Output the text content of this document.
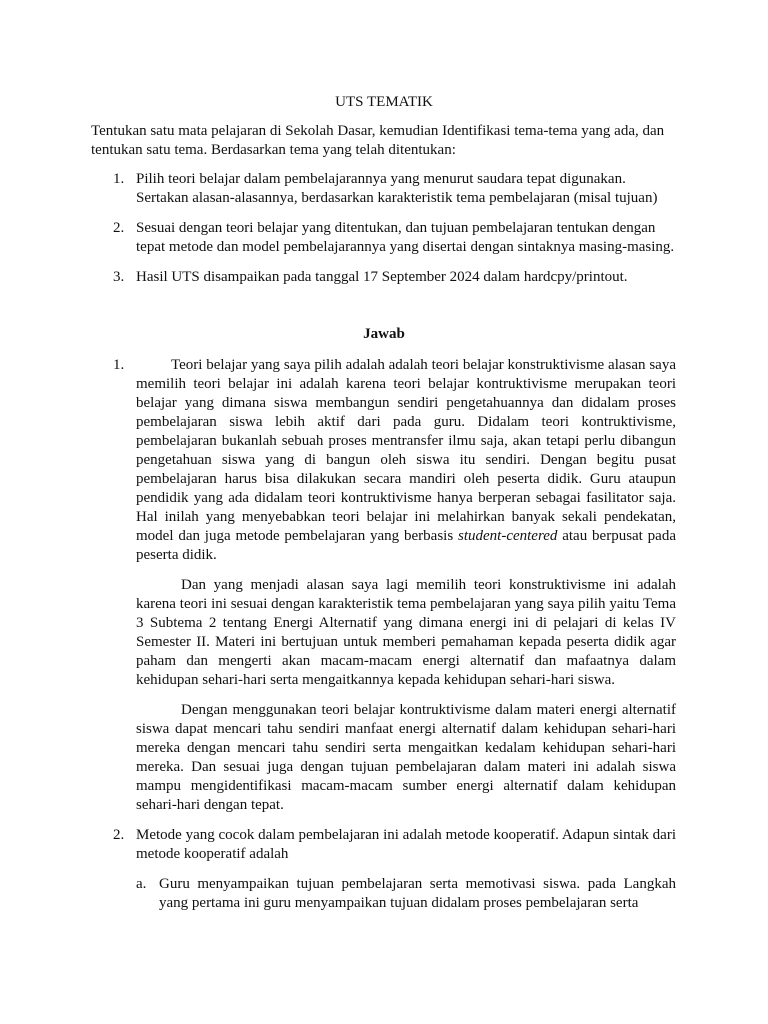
UTS TEMATIK

Tentukan satu mata pelajaran di Sekolah Dasar, kemudian Identifikasi tema-tema yang ada, dan tentukan satu tema. Berdasarkan tema yang telah ditentukan:

1. Pilih teori belajar dalam pembelajarannya yang menurut saudara tepat digunakan. Sertakan alasan-alasannya, berdasarkan karakteristik tema pembelajaran (misal tujuan)
2. Sesuai dengan teori belajar yang ditentukan, dan tujuan pembelajaran tentukan dengan tepat metode dan model pembelajarannya yang disertai dengan sintaknya masing-masing.
3. Hasil UTS disampaikan pada tanggal 17 September 2024 dalam hardcpy/printout.
Jawab
1.	Teori belajar yang saya pilih adalah adalah teori belajar konstruktivisme alasan saya memilih teori belajar ini adalah karena teori belajar kontruktivisme merupakan teori belajar yang dimana siswa membangun sendiri pengetahuannya dan didalam proses pembelajaran siswa lebih aktif dari pada guru. Didalam teori kontruktivisme, pembelajaran bukanlah sebuah proses mentransfer ilmu saja, akan tetapi perlu dibangun pengetahuan siswa yang di bangun oleh siswa itu sendiri. Dengan begitu pusat pembelajaran harus bisa dilakukan secara mandiri oleh peserta didik. Guru ataupun pendidik yang ada didalam teori kontruktivisme hanya berperan sebagai fasilitator saja. Hal inilah yang menyebabkan teori belajar ini melahirkan banyak sekali pendekatan, model dan juga metode pembelajaran yang berbasis student-centered atau berpusat pada peserta didik.

Dan yang menjadi alasan saya lagi memilih teori konstruktivisme ini adalah karena teori ini sesuai dengan karakteristik tema pembelajaran yang saya pilih yaitu Tema 3 Subtema 2 tentang Energi Alternatif yang dimana energi ini di pelajari di kelas IV Semester II. Materi ini bertujuan untuk memberi pemahaman kepada peserta didik agar paham dan mengerti akan macam-macam energi alternatif dan mafaatnya dalam kehidupan sehari-hari serta mengaitkannya kepada kehidupan sehari-hari siswa.

Dengan menggunakan teori belajar kontruktivisme dalam materi energi alternatif siswa dapat mencari tahu sendiri manfaat energi alternatif dalam kehidupan sehari-hari mereka dengan mencari tahu sendiri serta mengaitkan kedalam kehidupan sehari-hari mereka. Dan sesuai juga dengan tujuan pembelajaran dalam materi ini adalah siswa mampu mengidentifikasi macam-macam sumber energi alternatif dalam kehidupan sehari-hari dengan tepat.

2. Metode yang cocok dalam pembelajaran ini adalah metode kooperatif. Adapun sintak dari metode kooperatif adalah

a. Guru menyampaikan tujuan pembelajaran serta memotivasi siswa. pada Langkah yang pertama ini guru menyampaikan tujuan didalam proses pembelajaran serta
